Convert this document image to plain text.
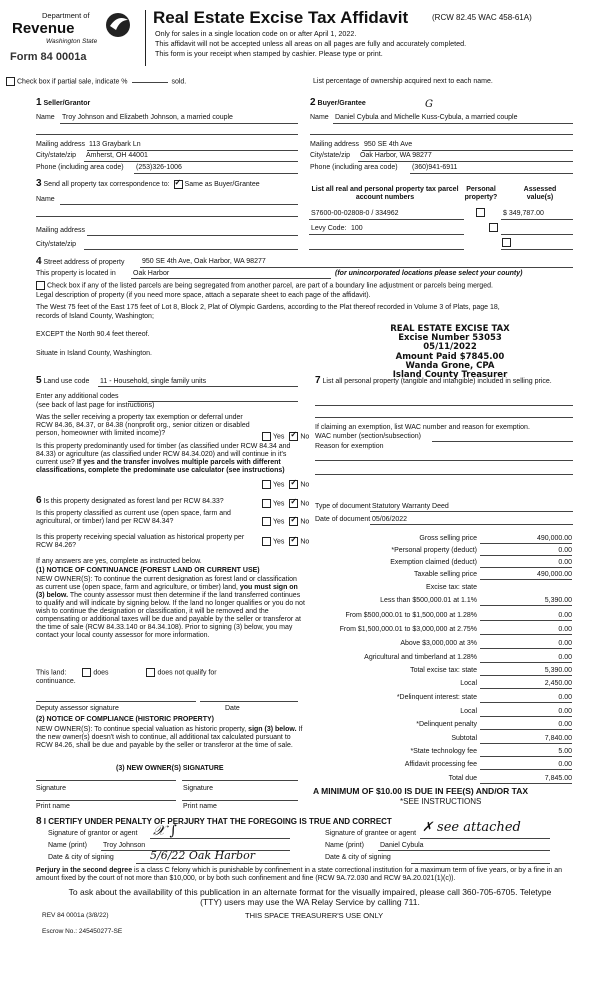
Department of
Revenue
Washington State
Form 84 0001a
Real Estate Excise Tax Affidavit	(RCW 82.45 WAC 458-61A)
Only for sales in a single location code on or after April 1, 2022.
This affidavit will not be accepted unless all areas on all pages are fully and accurately completed.
This form is your receipt when stamped by cashier. Please type or print.
Check box if partial sale, indicate %	sold.	List percentage of ownership acquired next to each name.
1 Seller/Grantor
Name Troy Johnson and Elizabeth Johnson, a married couple
Mailing address 113 Graybark Ln
City/state/zip Amherst, OH 44001
Phone (including area code) (253)326-1006
2 Buyer/Grantee	G
Name Daniel Cybula and Michelle Kuss-Cybula, a married couple
Mailing address 950 SE 4th Ave
City/state/zip Oak Harbor, WA 98277
Phone (including area code) (360)941-6911
3 Send all property tax correspondence to: ✓ Same as Buyer/Grantee
Name
Mailing address
City/state/zip
List all real and personal property tax parcel account numbers
Personal property?
Assessed value(s)
S7600-00-02808-0 / 334962
	$ 349,787.00
Levy Code: 100

4 Street address of property	950 SE 4th Ave, Oak Harbor, WA 98277
This property is located in Oak Harbor	(for unincorporated locations please select your county)
Check box if any of the listed parcels are being segregated from another parcel, are part of a boundary line adjustment or parcels being merged.
Legal description of property (if you need more space, attach a separate sheet to each page of the affidavit).
The West 75 feet of the East 175 feet of Lot 8, Block 2, Plat of Olympic Gardens, according to the Plat thereof recorded in Volume 3 of Plats, page 18,
records of Island County, Washington;
EXCEPT the North 90.4 feet thereof.
Situate in Island County, Washington.
REAL ESTATE EXCISE TAX
Excise Number 53053
05/11/2022
Amount Paid $7845.00
Wanda Grone, CPA
Island County Treasurer
5 Land use code 11 - Household, single family units
Enter any additional codes
(see back of last page for instructions)
Was the seller receiving a property tax exemption or deferral under RCW 84.36, 84.37, or 84.38 (nonprofit org., senior citizen or disabled person, homeowner with limited income)?	Yes ✓ No
Is this property predominantly used for timber (as classified under RCW 84.34 and 84.33) or agriculture (as classified under RCW 84.34.020) and will continue in it's current use? If yes and the transfer involves multiple parcels with different classifications, complete the predominate use calculator (see instructions)
Yes ✓ No
6 Is this property designated as forest land per RCW 84.33?	Yes ✓ No
Is this property classified as current use (open space, farm and agricultural, or timber) land per RCW 84.34?	Yes ✓ No
Is this property receiving special valuation as historical property per RCW 84.26?
Yes ✓ No
If any answers are yes, complete as instructed below.
(1) NOTICE OF CONTINUANCE (FOREST LAND OR CURRENT USE)
NEW OWNER(S): To continue the current designation as forest land or classification as current use (open space, farm and agriculture, or timber) land, you must sign on (3) below. The county assessor must then determine if the land transferred continues to qualify and will indicate by signing below. If the land no longer qualifies or you do not wish to continue the designation or classification, it will be removed and the compensating or additional taxes will be due and payable by the seller or transferor at the time of sale (RCW 84.33.140 or 84.34.108). Prior to signing (3) below, you may contact your local county assessor for more information.
This land:	does	does not qualify for
continuance.
Deputy assessor signature	Date
(2) NOTICE OF COMPLIANCE (HISTORIC PROPERTY)
NEW OWNER(S): To continue special valuation as historic property, sign (3) below. If the new owner(s) doesn't wish to continue, all additional tax calculated pursuant to RCW 84.26, shall be due and payable by the seller or transferor at the time of sale.
(3) NEW OWNER(S) SIGNATURE
Signature	Signature
Print name	Print name
7 List all personal property (tangible and intangible) included in selling price.
If claiming an exemption, list WAC number and reason for exemption.
WAC number (section/subsection)
Reason for exemption
Type of document Statutory Warranty Deed
Date of document 05/06/2022
Gross selling price	490,000.00
*Personal property (deduct)	0.00
Exemption claimed (deduct)	0.00
Taxable selling price	490,000.00
Excise tax: state
Less than $500,000.01 at 1.1%	5,390.00
From $500,000.01 to $1,500,000 at 1.28%	0.00
From $1,500,000.01 to $3,000,000 at 2.75%	0.00
Above $3,000,000 at 3%	0.00
Agricultural and timberland at 1.28%	0.00
Total excise tax: state	5,390.00
Local	2,450.00
*Delinquent interest: state	0.00
Local	0.00
*Delinquent penalty	0.00
Subtotal	7,840.00
*State technology fee	5.00
Affidavit processing fee	0.00
Total due	7,845.00
A MINIMUM OF $10.00 IS DUE IN FEE(S) AND/OR TAX
*SEE INSTRUCTIONS
8 I CERTIFY UNDER PENALTY OF PERJURY THAT THE FOREGOING IS TRUE AND CORRECT
Signature of grantor or agent 𝒳 ∫
Name (print) Troy Johnson
Date & city of signing	5/6/22 Oak Harbor
Signature of grantee or agent ✗ see attached
Name (print) Daniel Cybula
Date & city of signing
Perjury in the second degree is a class C felony which is punishable by confinement in a state correctional institution for a maximum term of five years, or by a fine in an amount fixed by the court of not more than $10,000, or by both such confinement and fine (RCW 9A.72.030 and RCW 9A.20.021(1)(c)).
To ask about the availability of this publication in an alternate format for the visually impaired, please call 360-705-6705. Teletype (TTY) users may use the WA Relay Service by calling 711.
REV 84 0001a (3/8/22)	THIS SPACE TREASURER'S USE ONLY
Escrow No.: 245450277-SE
